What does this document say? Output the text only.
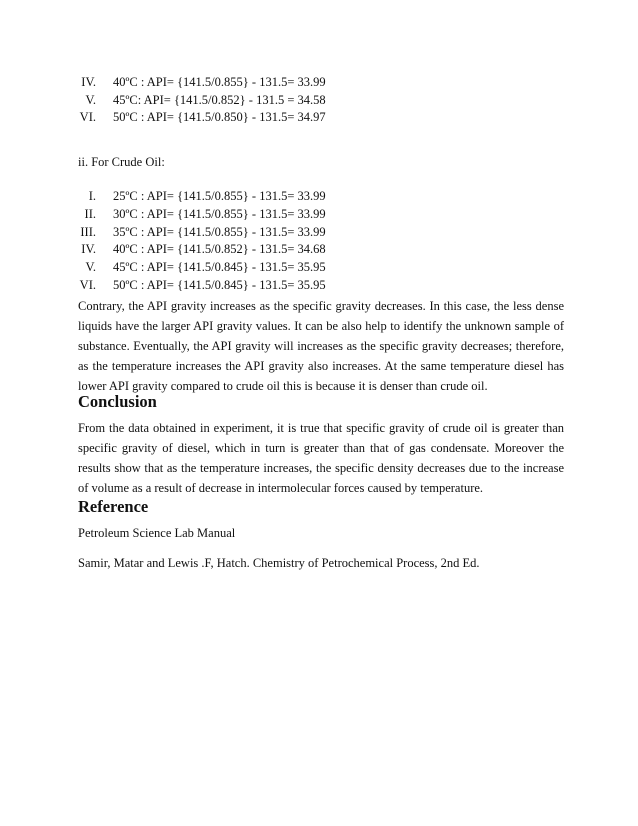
IV. 40ºC : API= {141.5/0.855} - 131.5= 33.99
V. 45ºC: API= {141.5/0.852} - 131.5 = 34.58
VI. 50ºC : API= {141.5/0.850} - 131.5= 34.97
ii. For Crude Oil:
I. 25ºC : API= {141.5/0.855} - 131.5= 33.99
II. 30ºC : API= {141.5/0.855} - 131.5= 33.99
III. 35ºC : API= {141.5/0.855} - 131.5= 33.99
IV. 40ºC : API= {141.5/0.852} - 131.5= 34.68
V. 45ºC : API= {141.5/0.845} - 131.5= 35.95
VI. 50ºC : API= {141.5/0.845} - 131.5= 35.95

Contrary, the API gravity increases as the specific gravity decreases. In this case, the less dense liquids have the larger API gravity values. It can be also help to identify the unknown sample of substance. Eventually, the API gravity will increases as the specific gravity decreases; therefore, as the temperature increases the API gravity also increases. At the same temperature diesel has lower API gravity compared to crude oil this is because it is denser than crude oil.

Conclusion

From the data obtained in experiment, it is true that specific gravity of crude oil is greater than specific gravity of diesel, which in turn is greater than that of gas condensate. Moreover the results show that as the temperature increases, the specific density decreases due to the increase of volume as a result of decrease in intermolecular forces caused by temperature.

Reference
Petroleum Science Lab Manual
Samir, Matar and Lewis .F, Hatch. Chemistry of Petrochemical Process, 2nd Ed.
